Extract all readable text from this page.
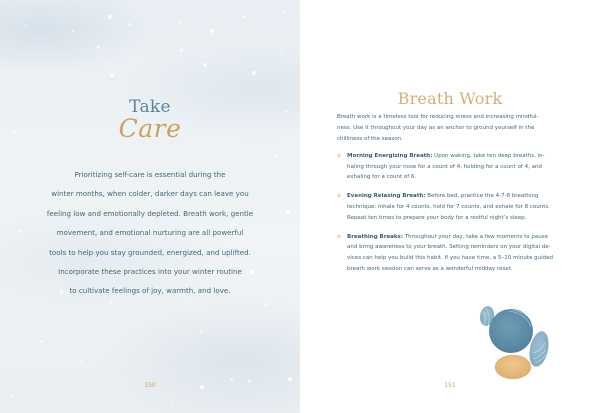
Take
Care
Prioritizing self-care is essential during the
winter months, when colder, darker days can leave you
feeling low and emotionally depleted. Breath work, gentle
movement, and emotional nurturing are all powerful
tools to help you stay grounded, energized, and uplifted.
Incorporate these practices into your winter routine
to cultivate feelings of joy, warmth, and love.
150
Breath Work
Breath work is a timeless tool for reducing stress and increasing mindful-
ness. Use it throughout your day as an anchor to ground yourself in the
chilliness of the season.
✳ Morning Energizing Breath: Upon waking, take ten deep breaths, in-
haling through your nose for a count of 4, holding for a count of 4, and
exhaling for a count of 6.
✳ Evening Relaxing Breath: Before bed, practice the 4-7-8 breathing
technique: Inhale for 4 counts, hold for 7 counts, and exhale for 8 counts.
Repeat ten times to prepare your body for a restful night’s sleep.
✳ Breathing Breaks: Throughout your day, take a few moments to pause
and bring awareness to your breath. Setting reminders on your digital de-
vices can help you build this habit. If you have time, a 5–10 minute guided
breath work session can serve as a wonderful midday reset.
151
